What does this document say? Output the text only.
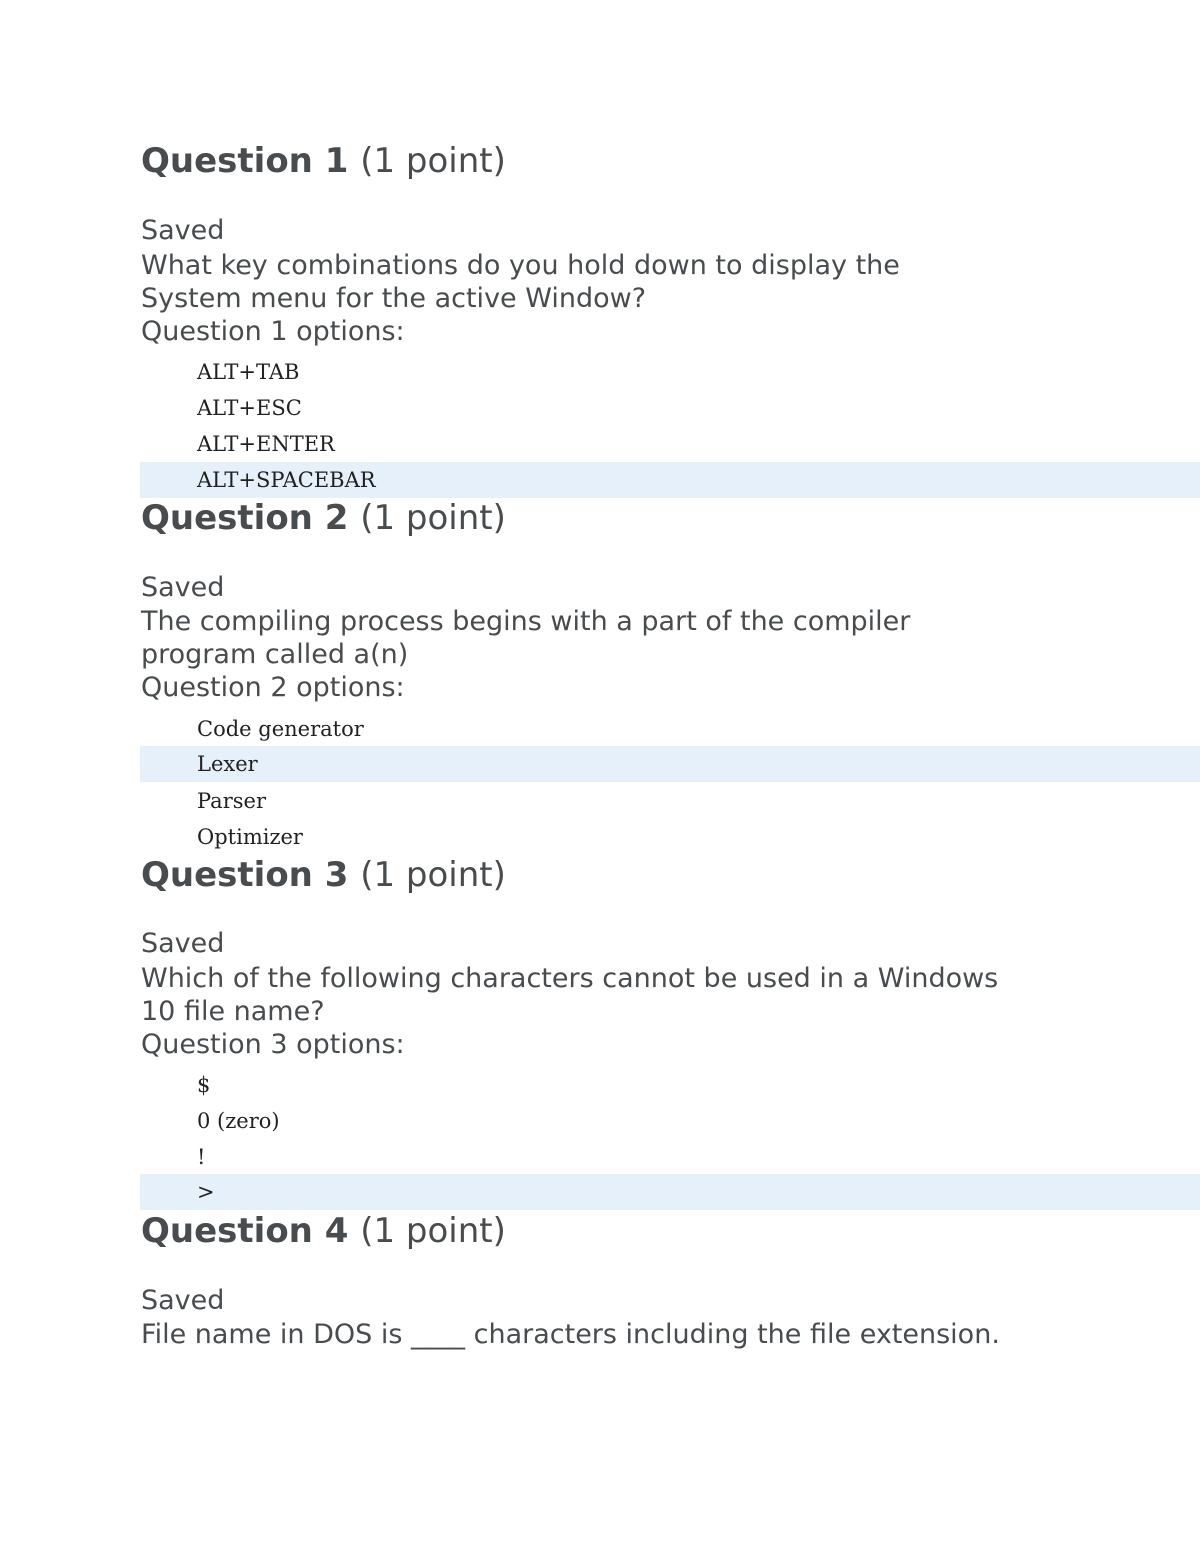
Question 1 (1 point)
Saved
What key combinations do you hold down to display the System menu for the active Window?
Question 1 options:
ALT+TAB
ALT+ESC
ALT+ENTER
ALT+SPACEBAR
Question 2 (1 point)
Saved
The compiling process begins with a part of the compiler program called a(n)
Question 2 options:
Code generator
Lexer
Parser
Optimizer
Question 3 (1 point)
Saved
Which of the following characters cannot be used in a Windows 10 file name?
Question 3 options:
$
0 (zero)
!
>
Question 4 (1 point)
Saved
File name in DOS is ____ characters including the file extension.
